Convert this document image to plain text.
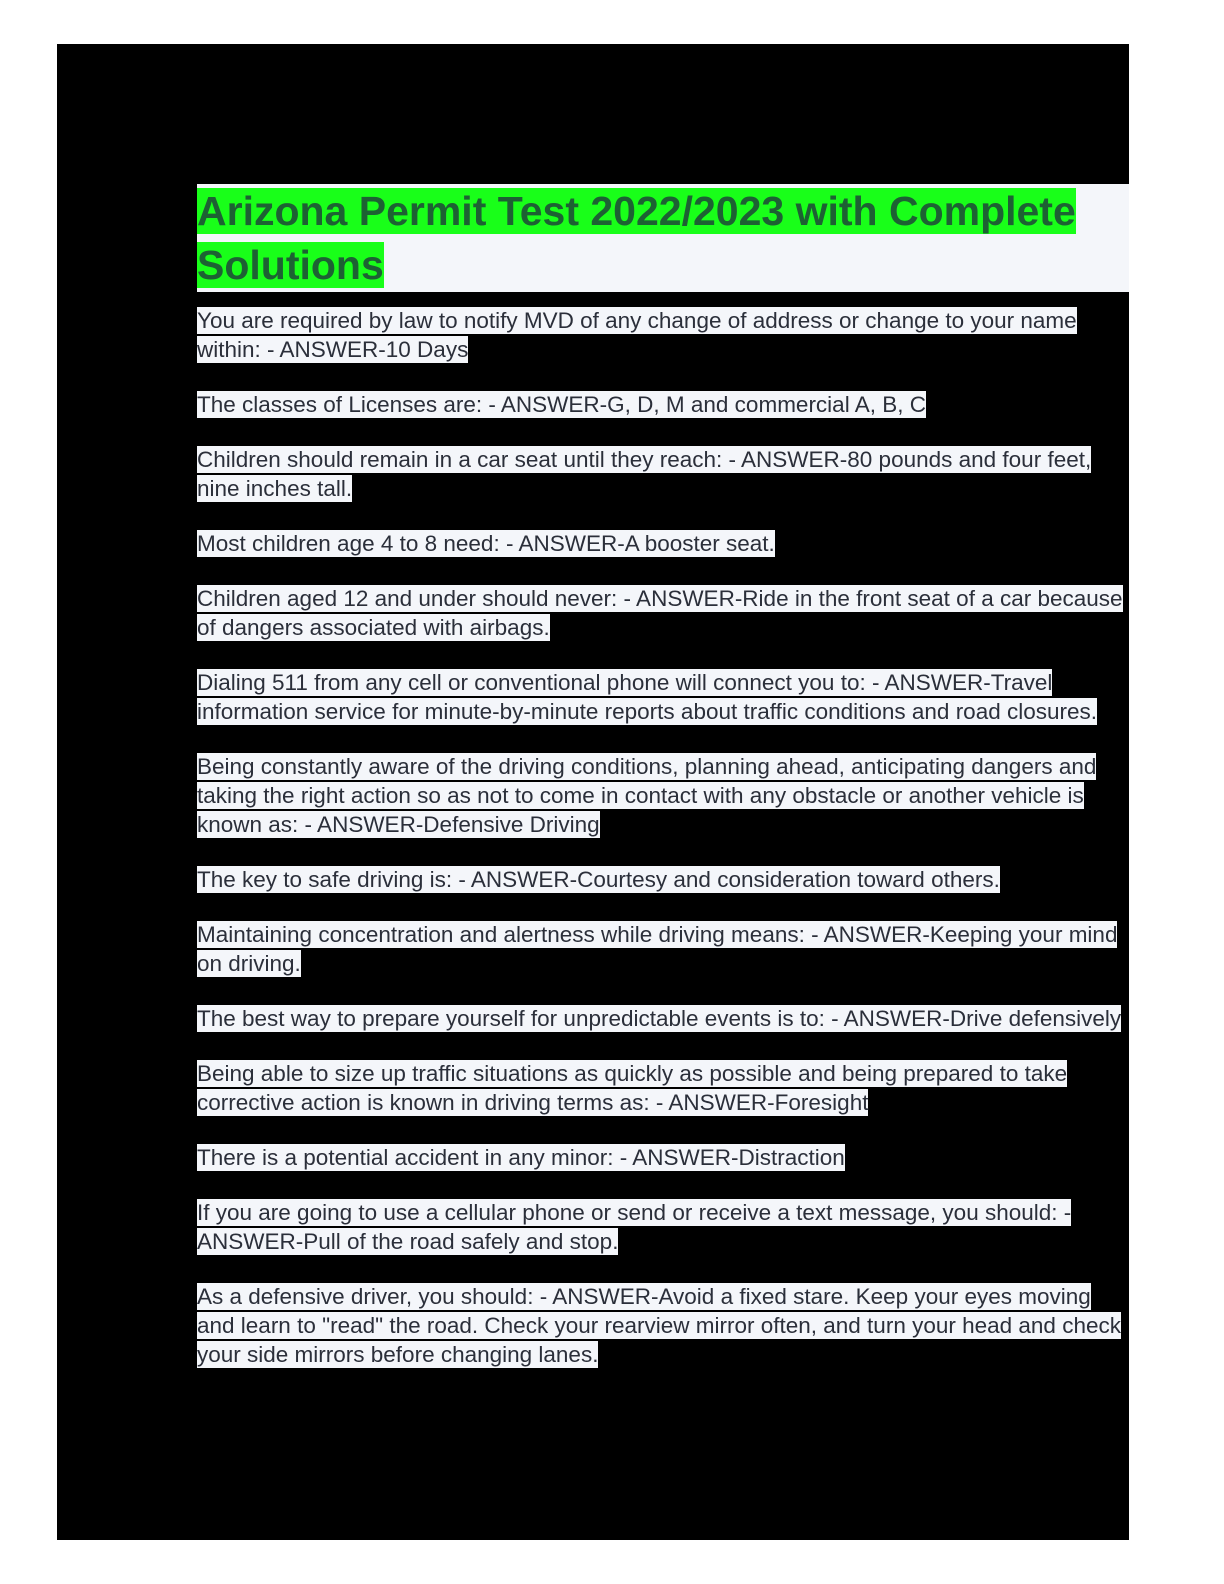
Arizona Permit Test 2022/2023 with Complete Solutions

You are required by law to notify MVD of any change of address or change to your name within: - ANSWER-10 Days

The classes of Licenses are: - ANSWER-G, D, M and commercial A, B, C

Children should remain in a car seat until they reach: - ANSWER-80 pounds and four feet, nine inches tall.

Most children age 4 to 8 need: - ANSWER-A booster seat.

Children aged 12 and under should never: - ANSWER-Ride in the front seat of a car because of dangers associated with airbags.

Dialing 511 from any cell or conventional phone will connect you to: - ANSWER-Travel information service for minute-by-minute reports about traffic conditions and road closures.

Being constantly aware of the driving conditions, planning ahead, anticipating dangers and taking the right action so as not to come in contact with any obstacle or another vehicle is known as: - ANSWER-Defensive Driving

The key to safe driving is: - ANSWER-Courtesy and consideration toward others.

Maintaining concentration and alertness while driving means: - ANSWER-Keeping your mind on driving.

The best way to prepare yourself for unpredictable events is to: - ANSWER-Drive defensively

Being able to size up traffic situations as quickly as possible and being prepared to take corrective action is known in driving terms as: - ANSWER-Foresight

There is a potential accident in any minor: - ANSWER-Distraction

If you are going to use a cellular phone or send or receive a text message, you should: - ANSWER-Pull of the road safely and stop.

As a defensive driver, you should: - ANSWER-Avoid a fixed stare. Keep your eyes moving and learn to "read" the road. Check your rearview mirror often, and turn your head and check your side mirrors before changing lanes.
